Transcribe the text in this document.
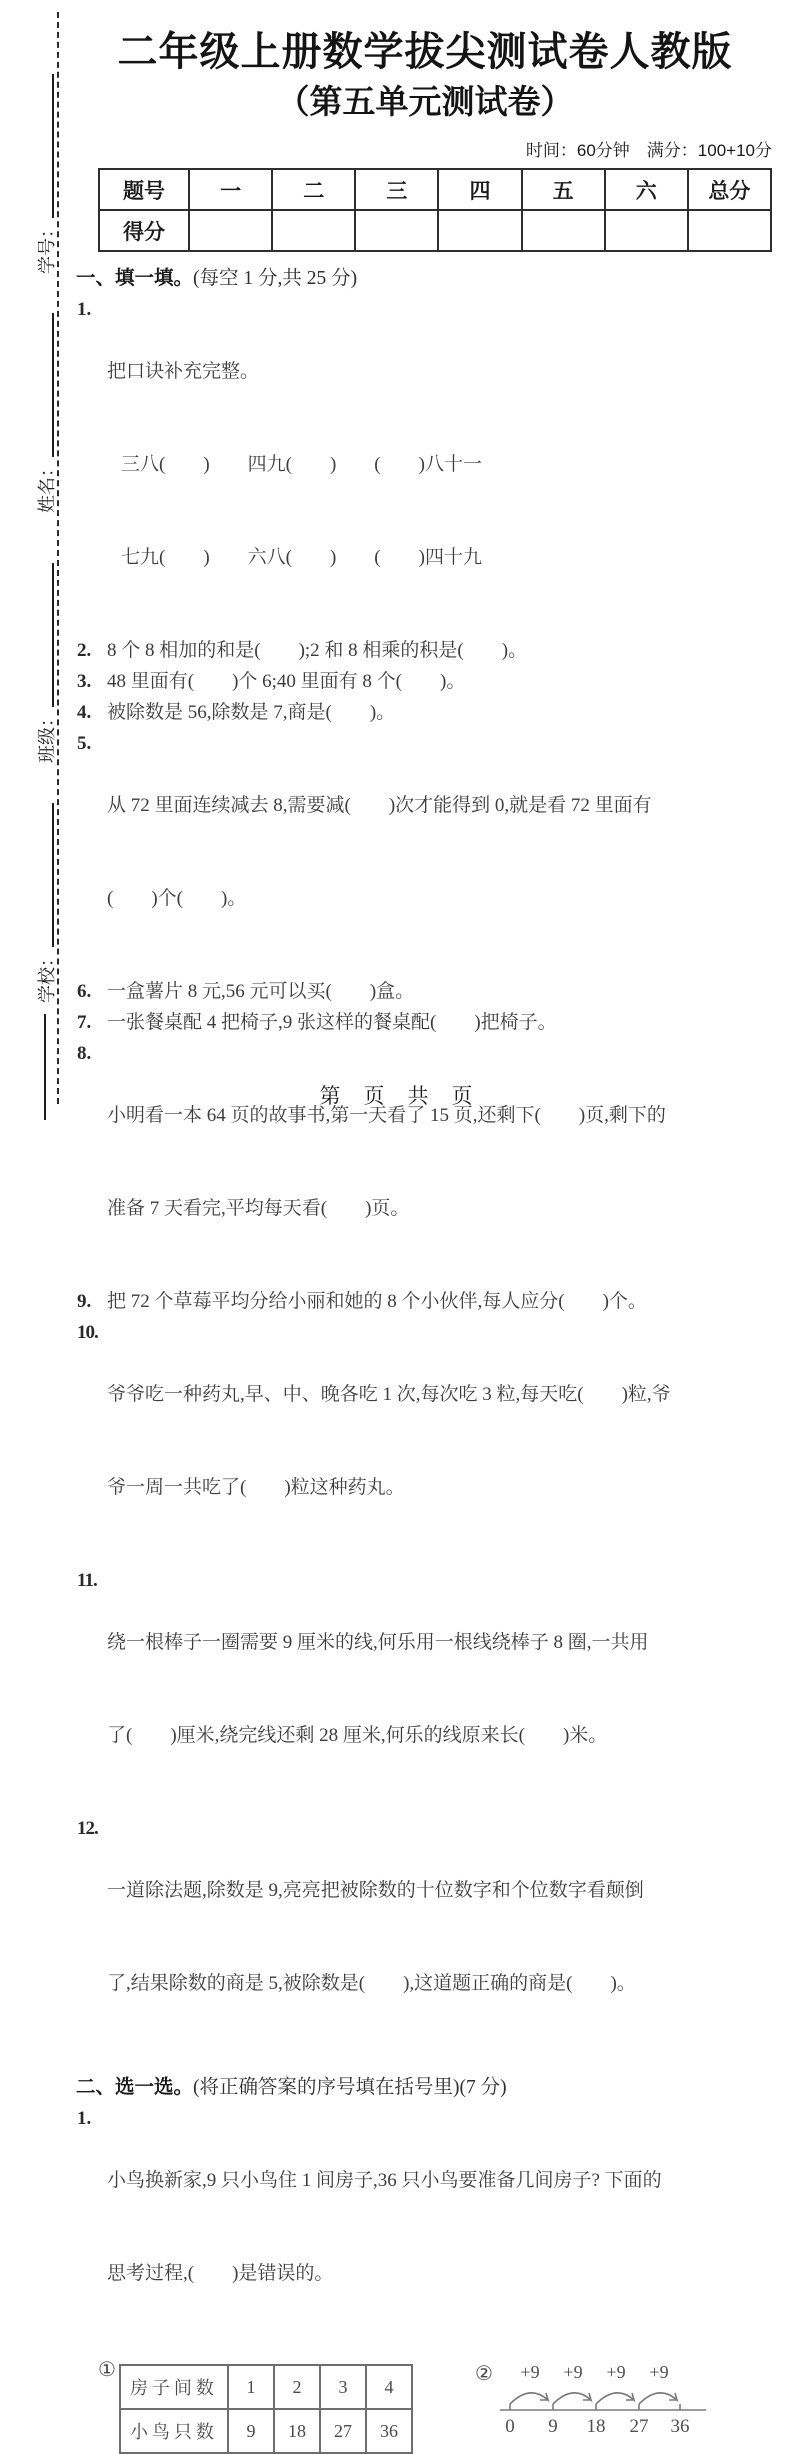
学号：
姓名：
班级：
学校：
二年级上册数学拔尖测试卷人教版
（第五单元测试卷）
时间：60分钟　满分：100+10分
题号	一	二	三	四	五	六	总分
得分							
一、填一填。(每空 1 分,共 25 分)
1.

把口诀补充完整。

三八(　　)　　四九(　　)　　(　　)八十一

七九(　　)　　六八(　　)　　(　　)四十九

2. 8 个 8 相加的和是(　　);2 和 8 相乘的积是(　　)。
3. 48 里面有(　　)个 6;40 里面有 8 个(　　)。
4. 被除数是 56,除数是 7,商是(　　)。
5.

从 72 里面连续减去 8,需要减(　　)次才能得到 0,就是看 72 里面有

(　　)个(　　)。

6. 一盒薯片 8 元,56 元可以买(　　)盒。
7. 一张餐桌配 4 把椅子,9 张这样的餐桌配(　　)把椅子。
8.

小明看一本 64 页的故事书,第一天看了 15 页,还剩下(　　)页,剩下的

准备 7 天看完,平均每天看(　　)页。

9. 把 72 个草莓平均分给小丽和她的 8 个小伙伴,每人应分(　　)个。
10.

爷爷吃一种药丸,早、中、晚各吃 1 次,每次吃 3 粒,每天吃(　　)粒,爷

爷一周一共吃了(　　)粒这种药丸。

11.

绕一根棒子一圈需要 9 厘米的线,何乐用一根线绕棒子 8 圈,一共用

了(　　)厘米,绕完线还剩 28 厘米,何乐的线原来长(　　)米。

12.

一道除法题,除数是 9,亮亮把被除数的十位数字和个位数字看颠倒

了,结果除数的商是 5,被除数是(　　),这道题正确的商是(　　)。

二、选一选。(将正确答案的序号填在括号里)(7 分)
1.

小鸟换新家,9 只小鸟住 1 间房子,36 只小鸟要准备几间房子? 下面的

思考过程,(　　)是错误的。

①
房子间数	1	2	3	4
小鸟只数	9	18	27	36
② +9 +9 +9 +9
0 9 18 27 36
第　页　共　页
